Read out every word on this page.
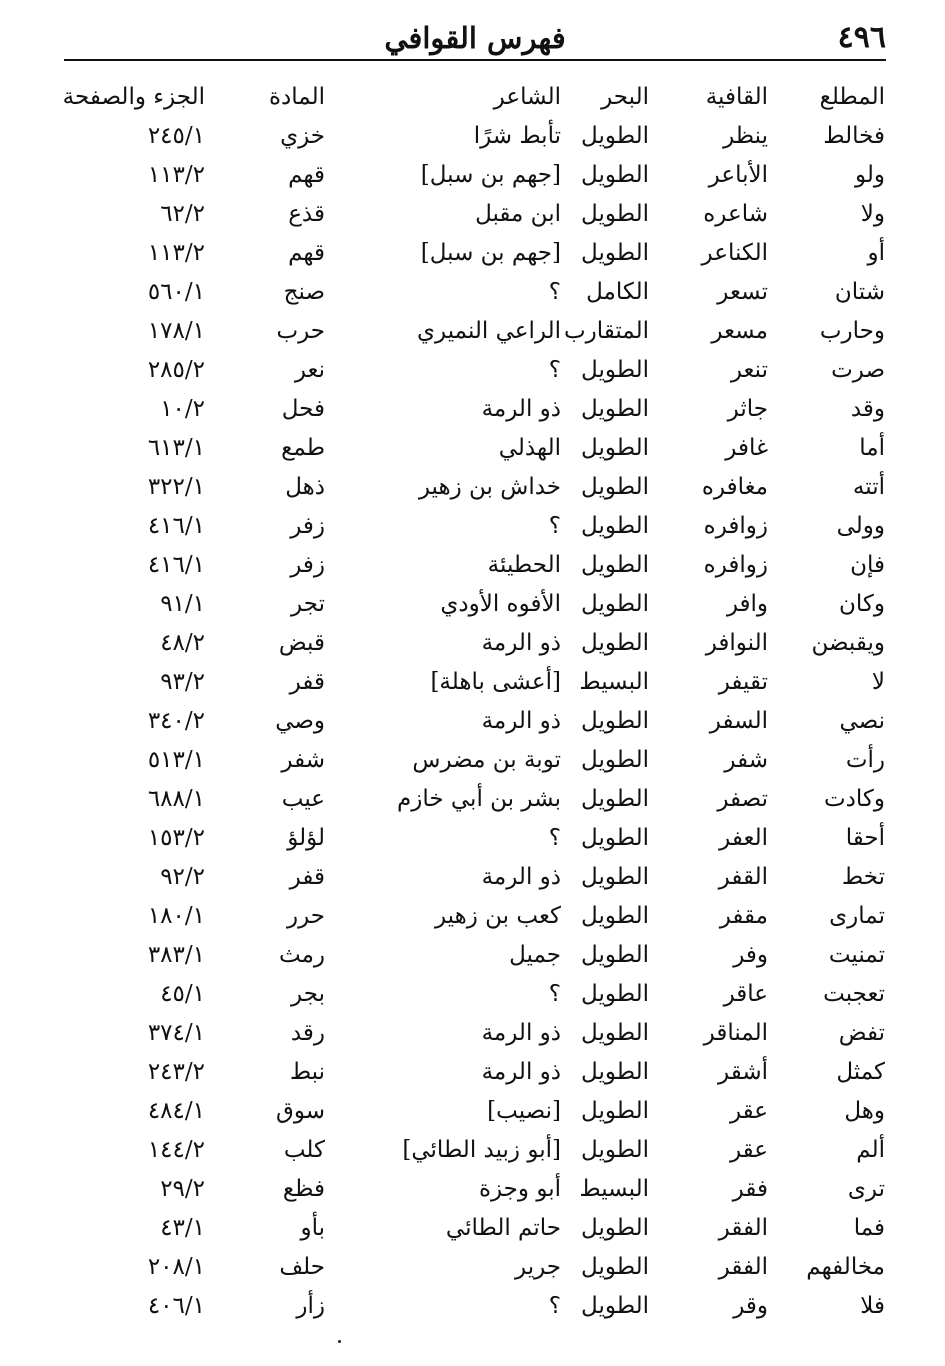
٤٩٦
فهرس القوافي
المطلع
القافية
البحر
الشاعر
المادة
الجزء والصفحة
فخالط
ينظر
الطويل
تأبط شرًا
خزي
٢٤٥/١
ولو
الأباعر
الطويل
[جهم بن سبل]
قهم
١١٣/٢
ولا
شاعره
الطويل
ابن مقبل
قذع
٦٢/٢
أو
الكناعر
الطويل
[جهم بن سبل]
قهم
١١٣/٢
شتان
تسعر
الكامل
؟
صنج
٥٦٠/١
وحارب
مسعر
المتقارب
الراعي النميري
حرب
١٧٨/١
صرت
تنعر
الطويل
؟
نعر
٢٨٥/٢
وقد
جاثر
الطويل
ذو الرمة
فحل
١٠/٢
أما
غافر
الطويل
الهذلي
طمع
٦١٣/١
أتته
مغافره
الطويل
خداش بن زهير
ذهل
٣٢٢/١
وولى
زوافره
الطويل
؟
زفر
٤١٦/١
فإن
زوافره
الطويل
الحطيئة
زفر
٤١٦/١
وكان
وافر
الطويل
الأفوه الأودي
تجر
٩١/١
ويقبضن
النوافر
الطويل
ذو الرمة
قبض
٤٨/٢
لا
تقيفر
البسيط
[أعشى باهلة]
قفر
٩٣/٢
نصي
السفر
الطويل
ذو الرمة
وصي
٣٤٠/٢
رأت
شفر
الطويل
توبة بن مضرس
شفر
٥١٣/١
وكادت
تصفر
الطويل
بشر بن أبي خازم
عيب
٦٨٨/١
أحقا
العفر
الطويل
؟
لؤلؤ
١٥٣/٢
تخط
القفر
الطويل
ذو الرمة
قفر
٩٢/٢
تمارى
مقفر
الطويل
كعب بن زهير
حرر
١٨٠/١
تمنيت
وفر
الطويل
جميل
رمث
٣٨٣/١
تعجبت
عاقر
الطويل
؟
بجر
٤٥/١
تفض
المناقر
الطويل
ذو الرمة
رقد
٣٧٤/١
كمثل
أشقر
الطويل
ذو الرمة
نبط
٢٤٣/٢
وهل
عقر
الطويل
[نصيب]
سوق
٤٨٤/١
ألم
عقر
الطويل
[أبو زبيد الطائي]
كلب
١٤٤/٢
ترى
فقر
البسيط
أبو وجزة
فظع
٢٩/٢
فما
الفقر
الطويل
حاتم الطائي
بأو
٤٣/١
مخالفهم
الفقر
الطويل
جرير
حلف
٢٠٨/١
فلا
وقر
الطويل
؟
زأر
٤٠٦/١
